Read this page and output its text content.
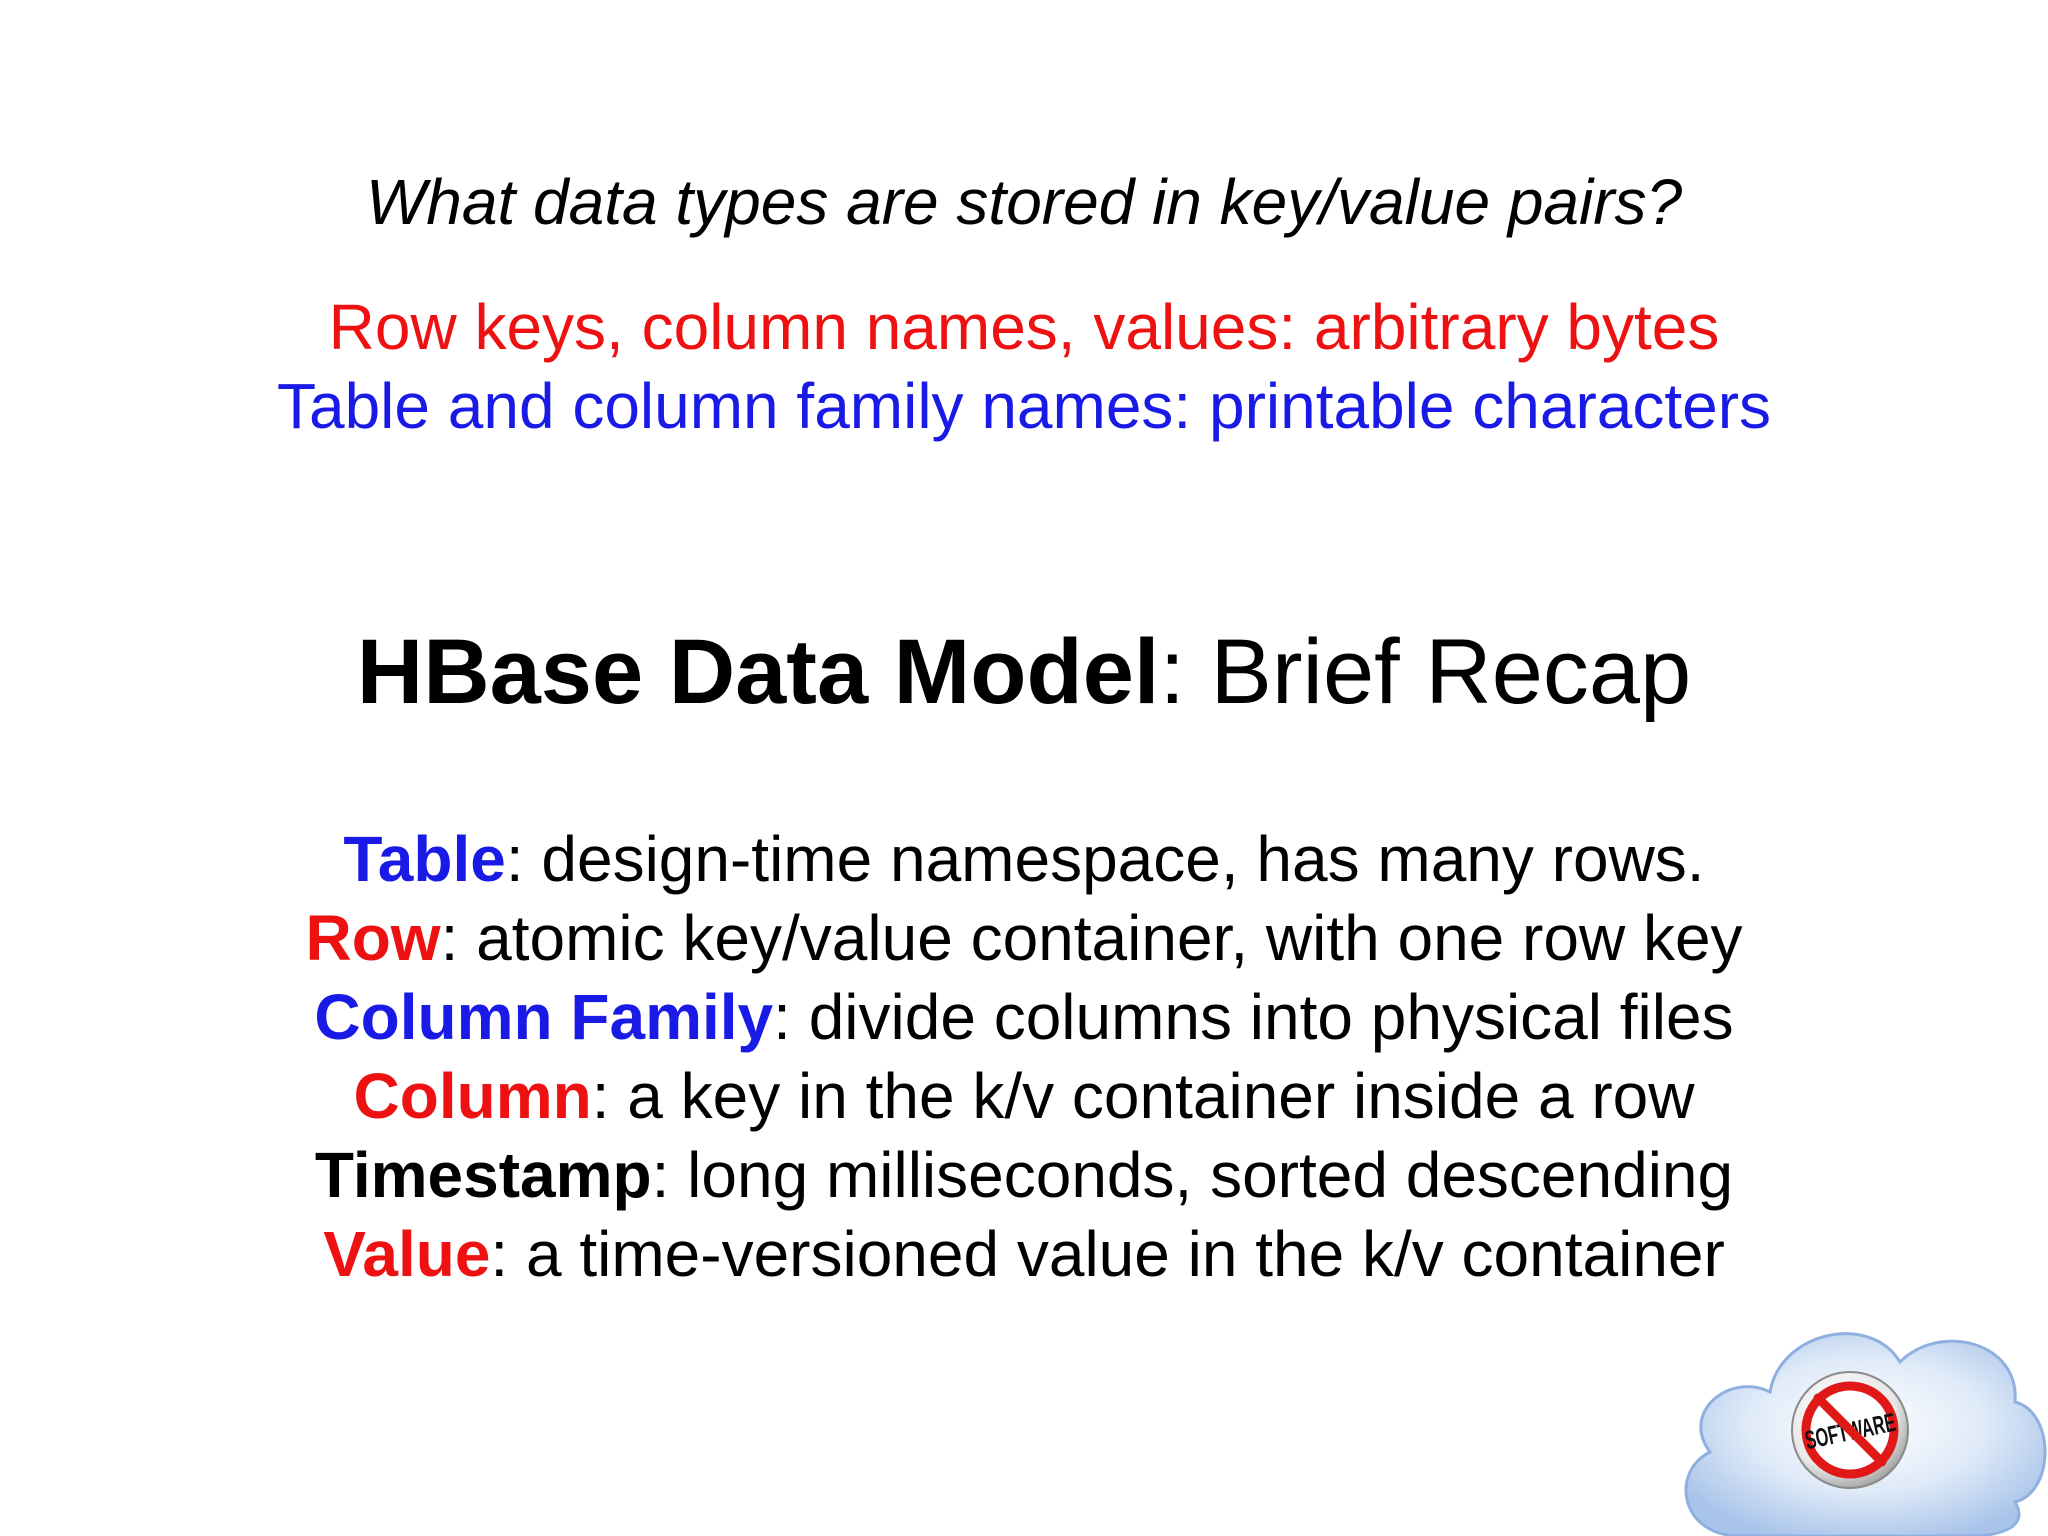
What data types are stored in key/value pairs?
Row keys, column names, values: arbitrary bytes
Table and column family names: printable characters
HBase Data Model: Brief Recap
Table: design-time namespace, has many rows.
Row: atomic key/value container, with one row key
Column Family: divide columns into physical files
Column: a key in the k/v container inside a row
Timestamp: long milliseconds, sorted descending
Value: a time-versioned value in the k/v container
SOFTWARE
